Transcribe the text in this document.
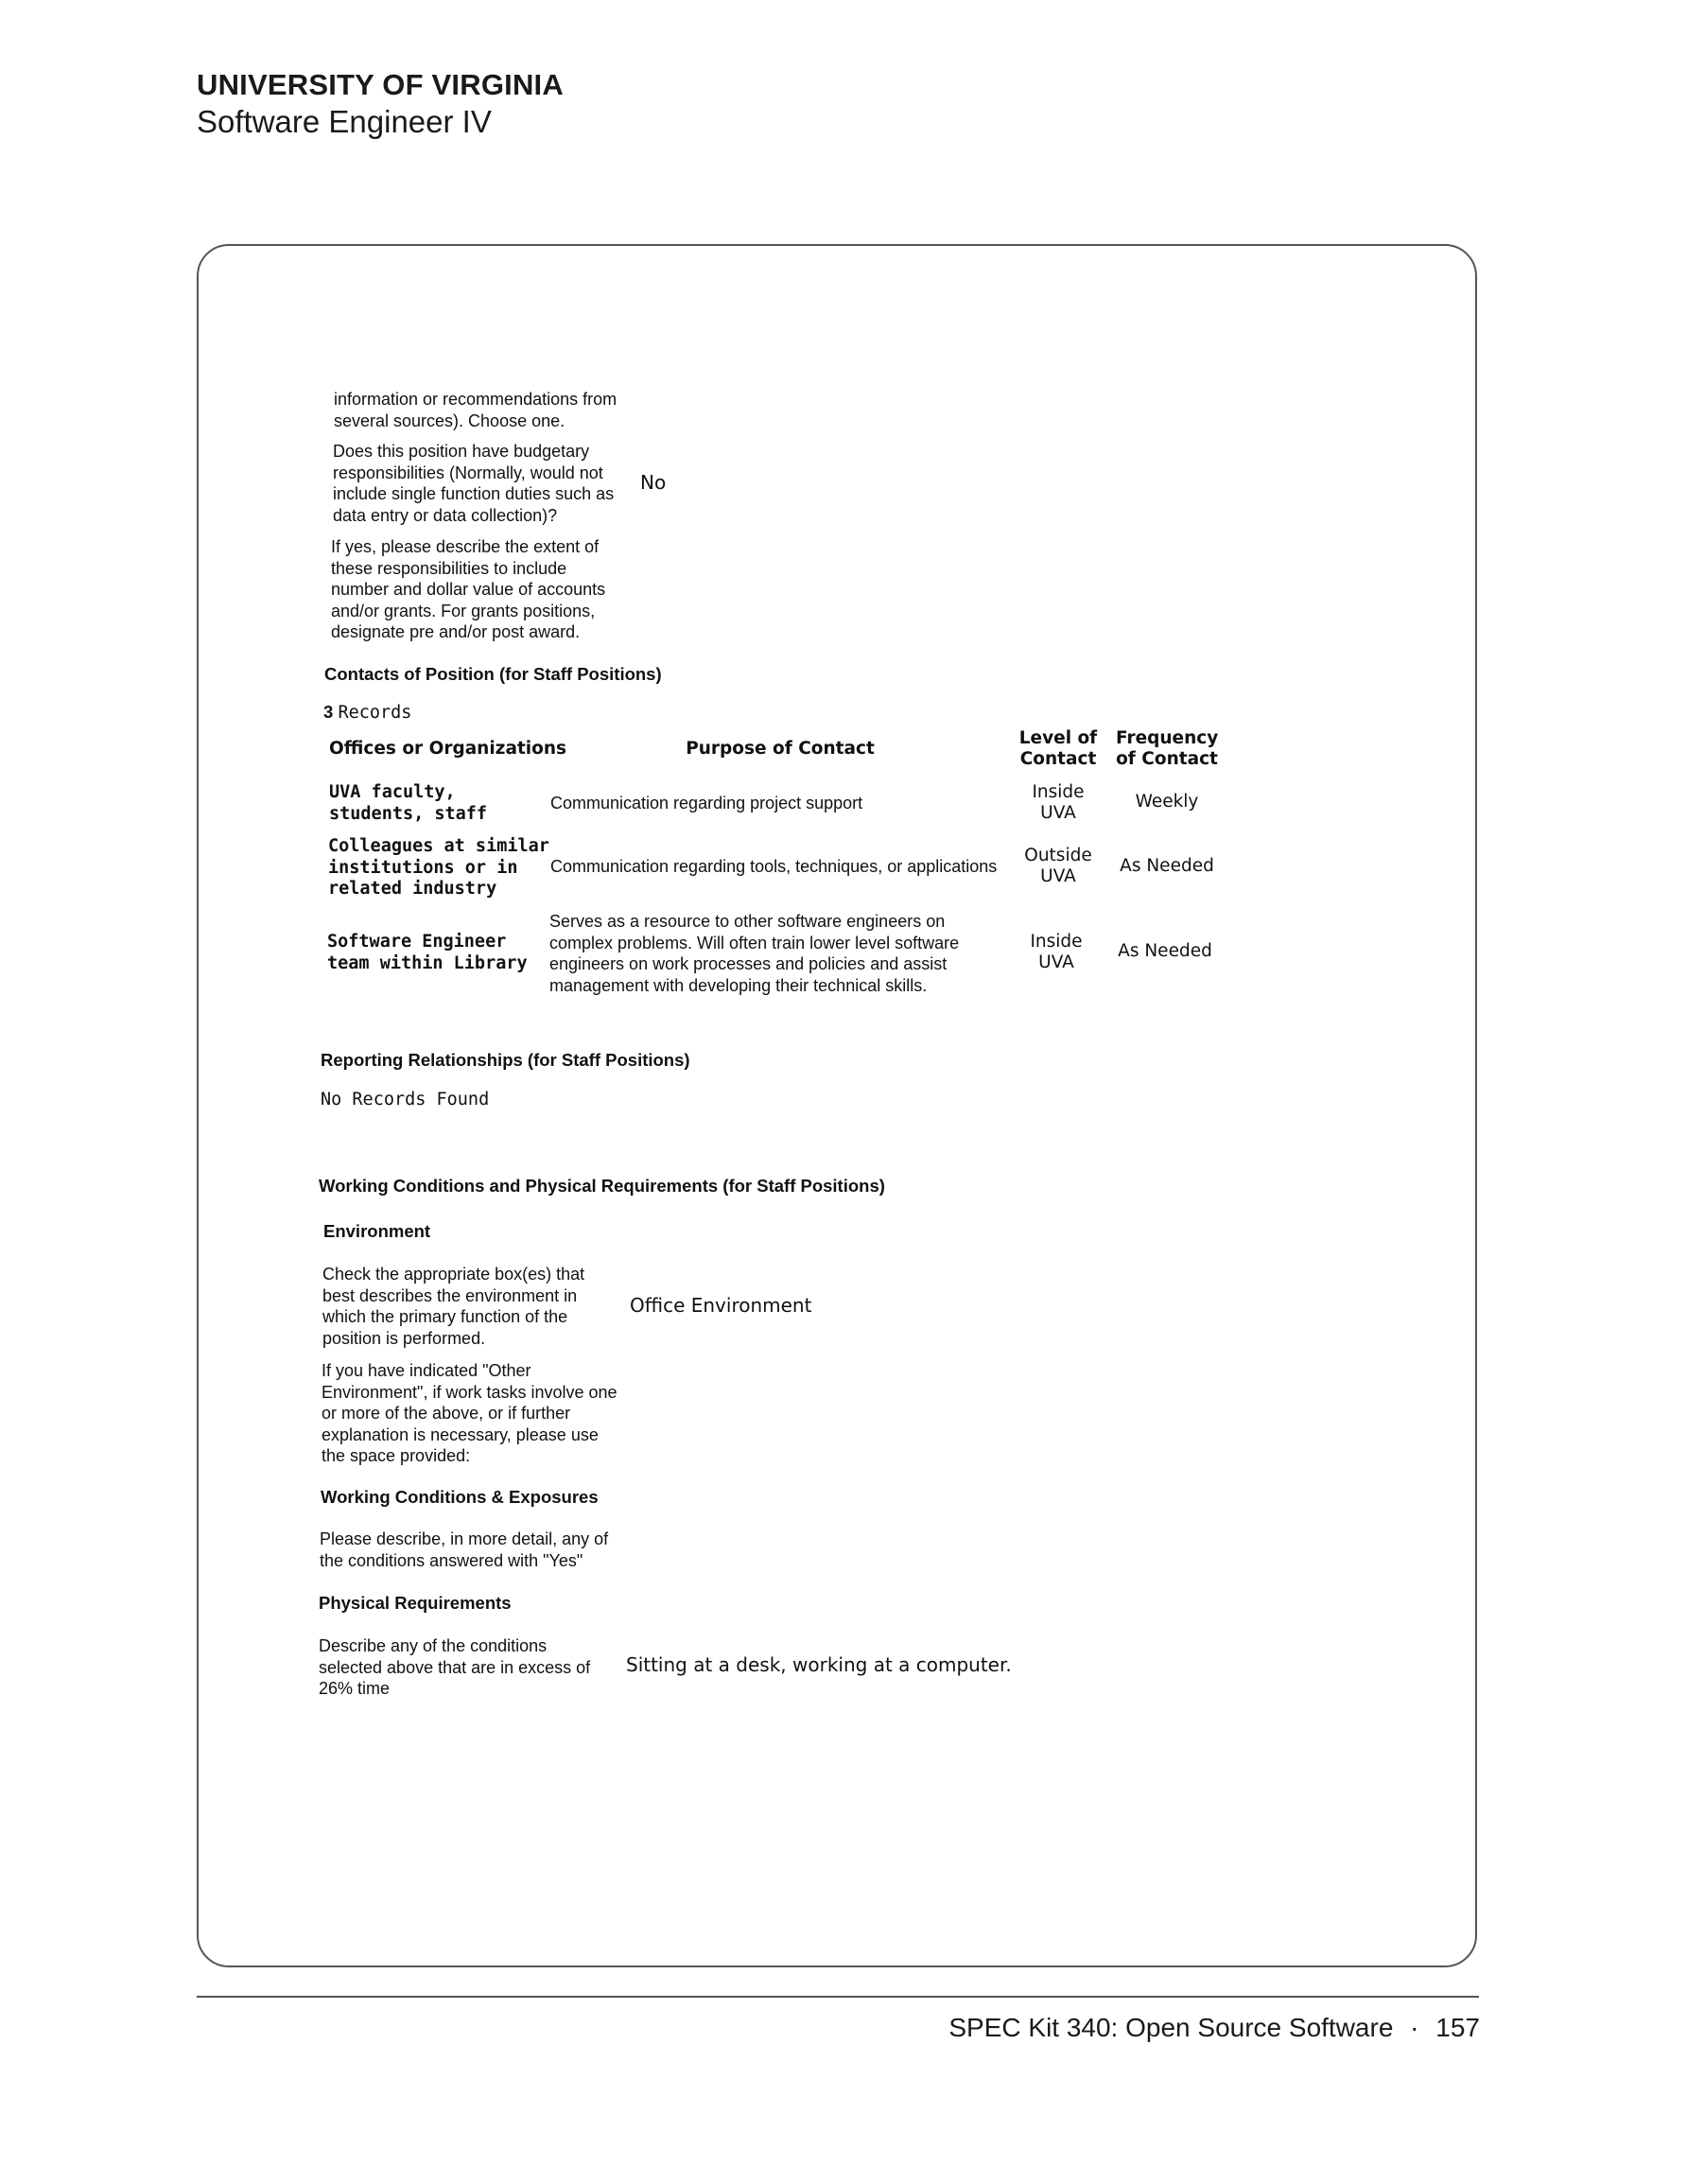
UNIVERSITY OF VIRGINIA
Software Engineer IV
information or recommendations from several sources). Choose one.
Does this position have budgetary responsibilities (Normally, would not include single function duties such as data entry or data collection)?
No
If yes, please describe the extent of these responsibilities to include number and dollar value of accounts and/or grants. For grants positions, designate pre and/or post award.
Contacts of Position (for Staff Positions)
3 Records
Offices or Organizations	Purpose of Contact
Level of Contact
Frequency of Contact
UVA faculty, students, staff
Communication regarding project support
Inside UVA
Weekly
Colleagues at similar institutions or in related industry
Communication regarding tools, techniques, or applications
Outside UVA
As Needed
Software Engineer team within Library
Serves as a resource to other software engineers on complex problems. Will often train lower level software engineers on work processes and policies and assist management with developing their technical skills.
Inside UVA
As Needed
Reporting Relationships (for Staff Positions)
No Records Found
Working Conditions and Physical Requirements (for Staff Positions)
Environment
Check the appropriate box(es) that best describes the environment in which the primary function of the position is performed.
Office Environment
If you have indicated "Other Environment", if work tasks involve one or more of the above, or if further explanation is necessary, please use the space provided:
Working Conditions & Exposures
Please describe, in more detail, any of the conditions answered with "Yes"
Physical Requirements
Describe any of the conditions selected above that are in excess of 26% time
Sitting at a desk, working at a computer.
SPEC Kit 340: Open Source Software · 157
